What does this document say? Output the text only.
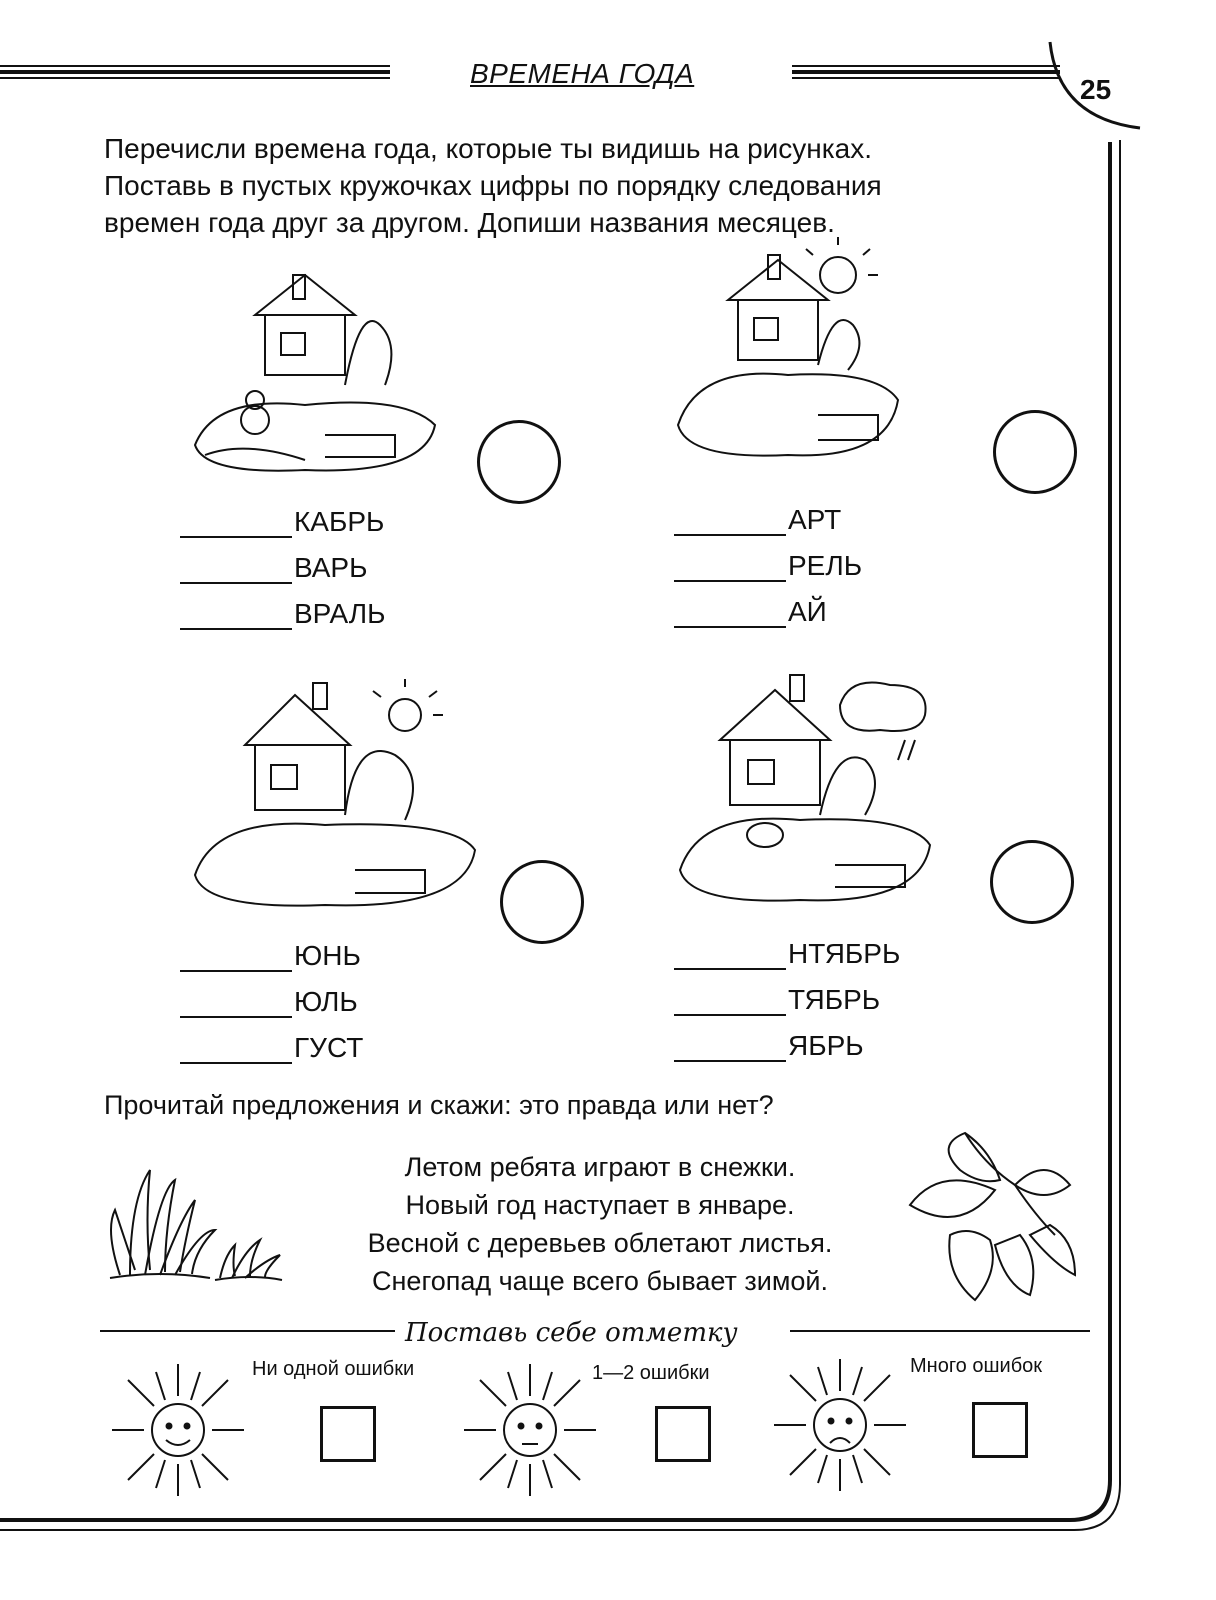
ВРЕМЕНА ГОДА
25
Перечисли времена года, которые ты видишь на рисунках.
Поставь в пустых кружочках цифры по порядку следования
времен года друг за другом. Допиши названия месяцев.
КАБРЬ
ВАРЬ
ВРАЛЬ
АРТ
РЕЛЬ
АЙ
ЮНЬ
ЮЛЬ
ГУСТ
НТЯБРЬ
ТЯБРЬ
ЯБРЬ
Прочитай предложения и скажи: это правда или нет?
Летом ребята играют в снежки.
Новый год наступает в январе.
Весной с деревьев облетают листья.
Снегопад чаще всего бывает зимой.
Поставь себе отметку
Ни одной ошибки	1—2 ошибки	Много ошибок
